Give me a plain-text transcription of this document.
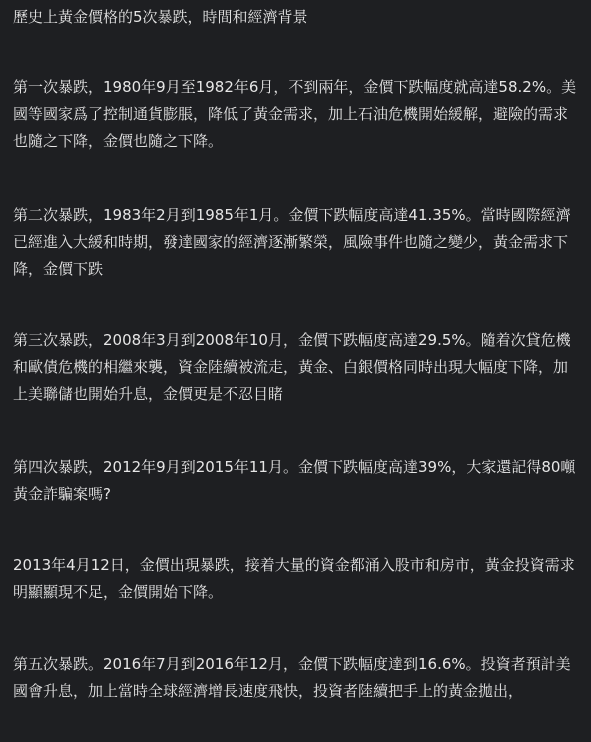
歷史上黃金價格的5次暴跌，時間和經濟背景

第一次暴跌，1980年9月至1982年6月，不到兩年，金價下跌幅度就高達58.2%。美國等國家爲了控制通貨膨脹，降低了黃金需求，加上石油危機開始緩解，避險的需求也隨之下降，金價也隨之下降。

第二次暴跌，1983年2月到1985年1月。金價下跌幅度高達41.35%。當時國際經濟已經進入大緩和時期，發達國家的經濟逐漸繁榮，風險事件也隨之變少，黃金需求下降，金價下跌

第三次暴跌，2008年3月到2008年10月，金價下跌幅度高達29.5%。隨着次貸危機和歐債危機的相繼來襲，資金陸續被流走，黃金、白銀價格同時出現大幅度下降，加上美聯儲也開始升息，金價更是不忍目睹

第四次暴跌，2012年9月到2015年11月。金價下跌幅度高達39%，大家還記得80噸黃金詐騙案嗎?

2013年4月12日，金價出現暴跌，接着大量的資金都涌入股市和房市，黃金投資需求明顯顯現不足，金價開始下降。

第五次暴跌。2016年7月到2016年12月，金價下跌幅度達到16.6%。投資者預計美國會升息，加上當時全球經濟增長速度飛快，投資者陸續把手上的黃金拋出，
